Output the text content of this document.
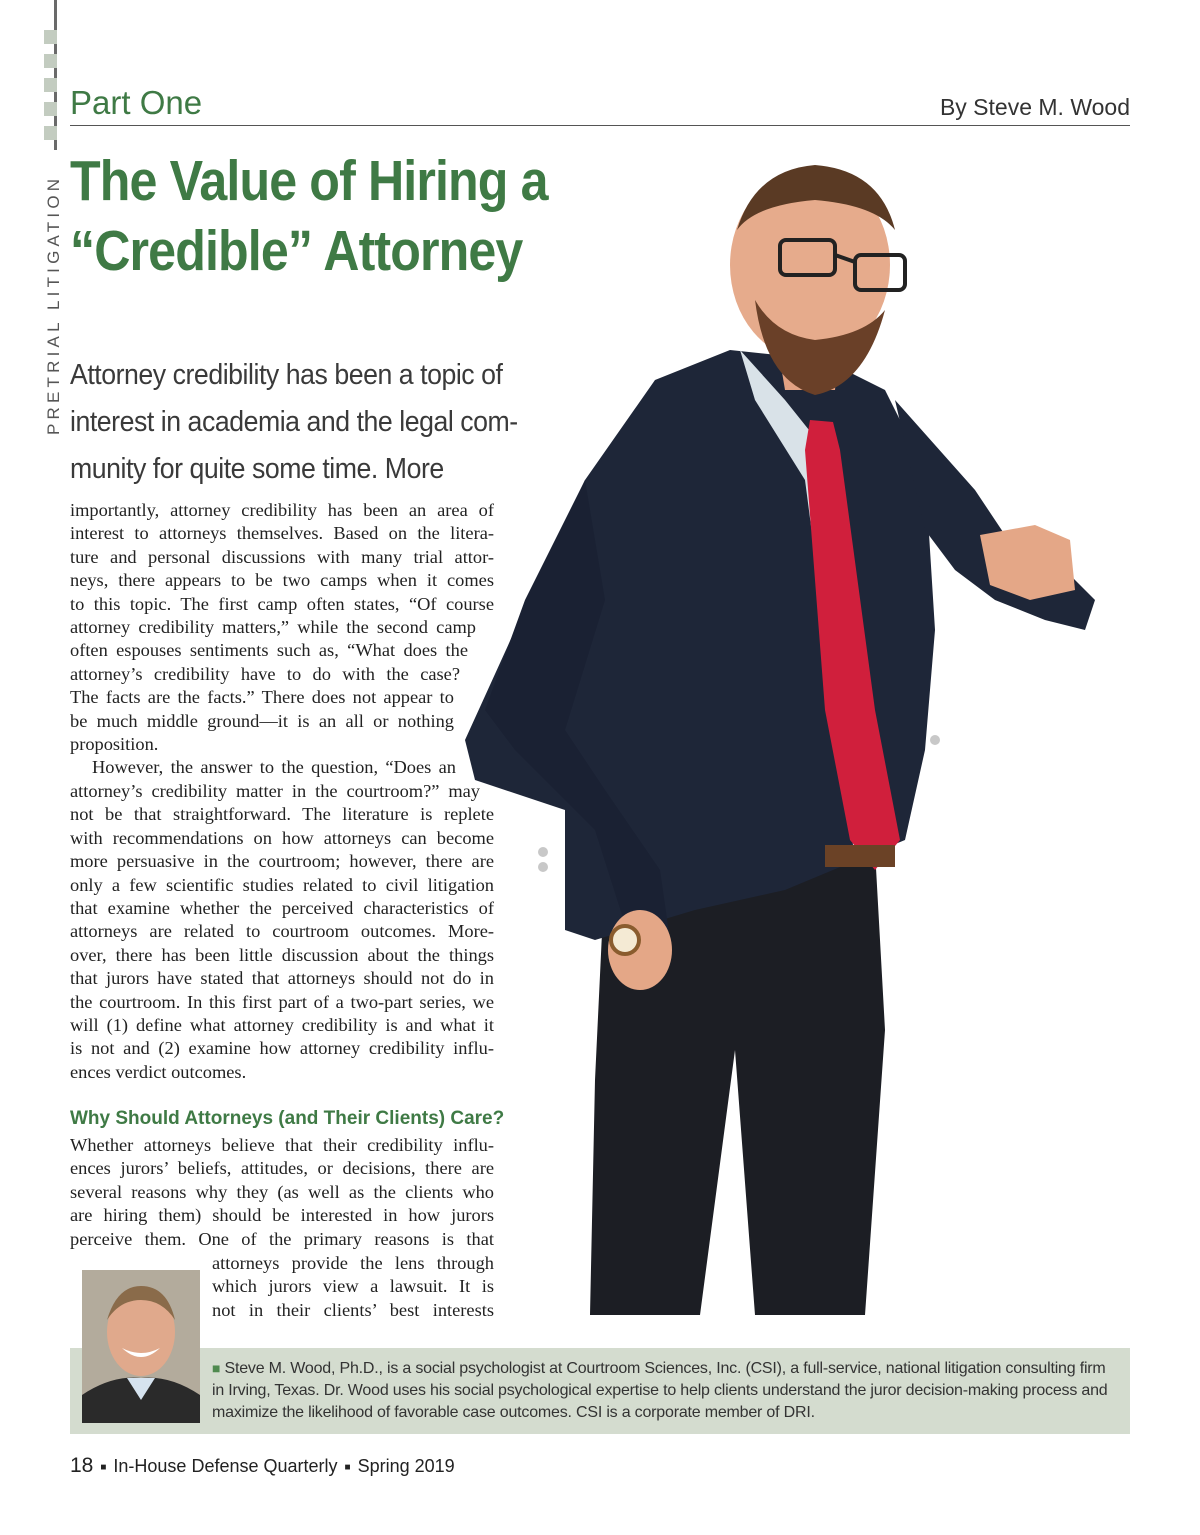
PRETRIAL LITIGATION
Part One	By Steve M. Wood
The Value of Hiring a
“Credible” Attorney
Attorney credibility has been a topic of
interest in academia and the legal com-
munity for quite some time. More
importantly, attorney credibility has been an area of
interest to attorneys themselves. Based on the litera-
ture and personal discussions with many trial attor-
neys, there appears to be two camps when it comes
to this topic. The first camp often states, “Of course
attorney credibility matters,” while the second camp
often espouses sentiments such as, “What does the
attorney’s credibility have to do with the case?
The facts are the facts.” There does not appear to
be much middle ground—it is an all or nothing
proposition.
However, the answer to the question, “Does an
attorney’s credibility matter in the courtroom?” may
not be that straightforward. The literature is replete
with recommendations on how attorneys can become
more persuasive in the courtroom; however, there are
only a few scientific studies related to civil litigation
that examine whether the perceived characteristics of
attorneys are related to courtroom outcomes. More-
over, there has been little discussion about the things
that jurors have stated that attorneys should not do in
the courtroom. In this first part of a two-part series, we
will (1) define what attorney credibility is and what it
is not and (2) examine how attorney credibility influ-
ences verdict outcomes.
Why Should Attorneys (and Their Clients) Care?
Whether attorneys believe that their credibility influ-
ences jurors’ beliefs, attitudes, or decisions, there are
several reasons why they (as well as the clients who
are hiring them) should be interested in how jurors
perceive them. One of the primary reasons is that
attorneys provide the lens through
which jurors view a lawsuit. It is
not in their clients’ best interests
■ Steve M. Wood, Ph.D., is a social psychologist at Courtroom Sciences, Inc. (CSI), a full-service, national litigation consulting firm
in Irving, Texas. Dr. Wood uses his social psychological expertise to help clients understand the juror decision-making process and
maximize the likelihood of favorable case outcomes. CSI is a corporate member of DRI.
18 ■ In-House Defense Quarterly ■ Spring 2019
